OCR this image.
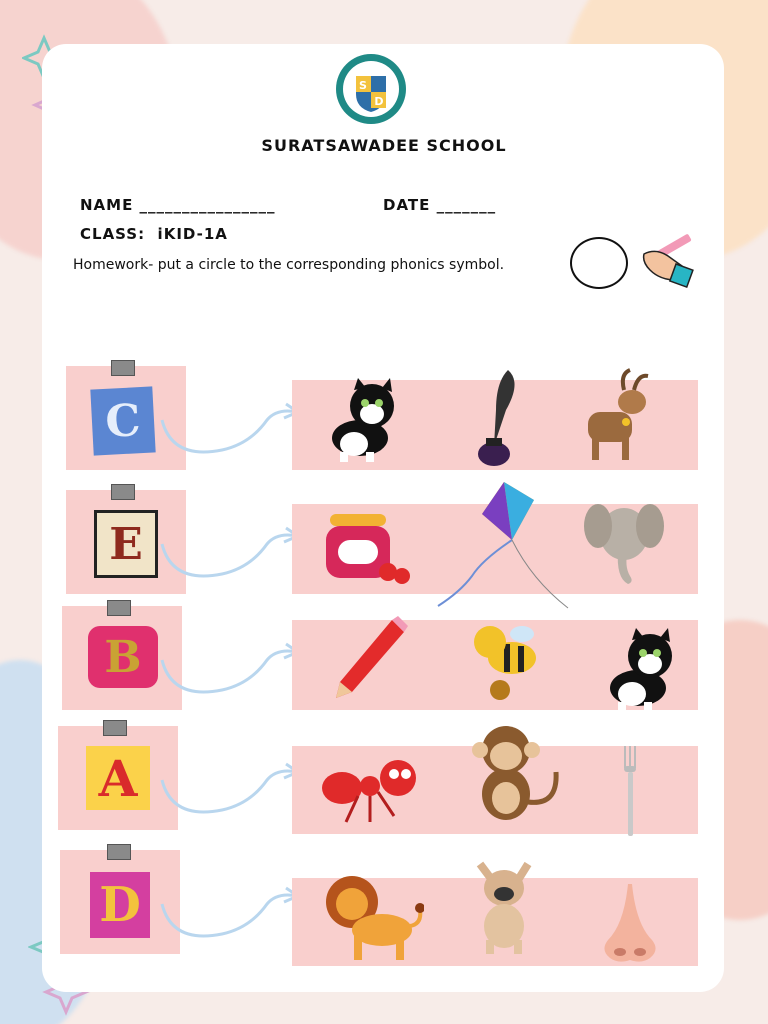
S
D
SURATSAWADEE SCHOOL
NAME ________________	DATE _______
CLASS:  iKID-1A
Homework- put a circle to the corresponding phonics symbol.
C
E
B
A
D
